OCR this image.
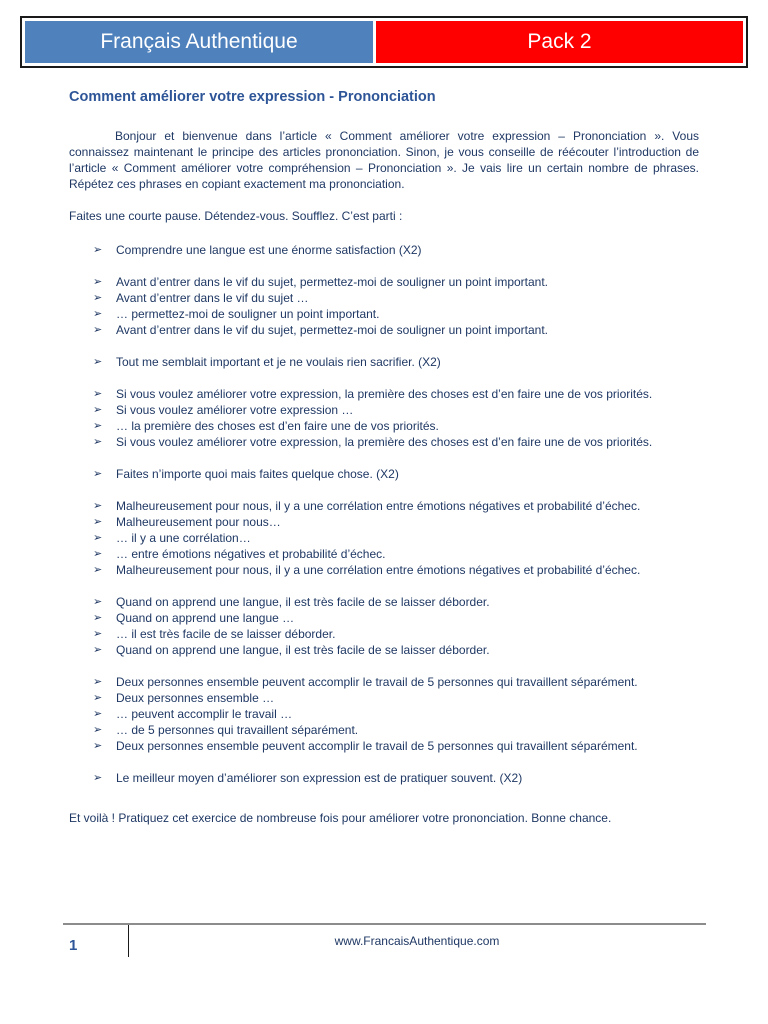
Français Authentique	Pack 2
Comment améliorer votre expression - Prononciation

Bonjour et bienvenue dans l’article « Comment améliorer votre expression – Prononciation ». Vous connaissez maintenant le principe des articles prononciation. Sinon, je vous conseille de réécouter l’introduction de l’article « Comment améliorer votre compréhension – Prononciation ». Je vais lire un certain nombre de phrases. Répétez ces phrases en copiant exactement ma prononciation.

Faites une courte pause. Détendez-vous. Soufflez. C’est parti :

➢ Comprendre une langue est une énorme satisfaction (X2)
➢ Avant d’entrer dans le vif du sujet, permettez-moi de souligner un point important.
➢ Avant d’entrer dans le vif du sujet …
➢ … permettez-moi de souligner un point important.
➢ Avant d’entrer dans le vif du sujet, permettez-moi de souligner un point important.
➢ Tout me semblait important et je ne voulais rien sacrifier. (X2)
➢ Si vous voulez améliorer votre expression, la première des choses est d’en faire une de vos priorités.
➢ Si vous voulez améliorer votre expression …
➢ … la première des choses est d’en faire une de vos priorités.
➢ Si vous voulez améliorer votre expression, la première des choses est d’en faire une de vos priorités.
➢ Faites n’importe quoi mais faites quelque chose. (X2)
➢ Malheureusement pour nous, il y a une corrélation entre émotions négatives et probabilité d’échec.
➢ Malheureusement pour nous…
➢ … il y a une corrélation…
➢ … entre émotions négatives et probabilité d’échec.
➢ Malheureusement pour nous, il y a une corrélation entre émotions négatives et probabilité d’échec.
➢ Quand on apprend une langue, il est très facile de se laisser déborder.
➢ Quand on apprend une langue …
➢ … il est très facile de se laisser déborder.
➢ Quand on apprend une langue, il est très facile de se laisser déborder.
➢ Deux personnes ensemble peuvent accomplir le travail de 5 personnes qui travaillent séparément.
➢ Deux personnes ensemble …
➢ … peuvent accomplir le travail …
➢ … de 5 personnes qui travaillent séparément.
➢ Deux personnes ensemble peuvent accomplir le travail de 5 personnes qui travaillent séparément.
➢ Le meilleur moyen d’améliorer son expression est de pratiquer souvent. (X2)

Et voilà ! Pratiquez cet exercice de nombreuse fois pour améliorer votre prononciation. Bonne chance.

1	www.FrancaisAuthentique.com
